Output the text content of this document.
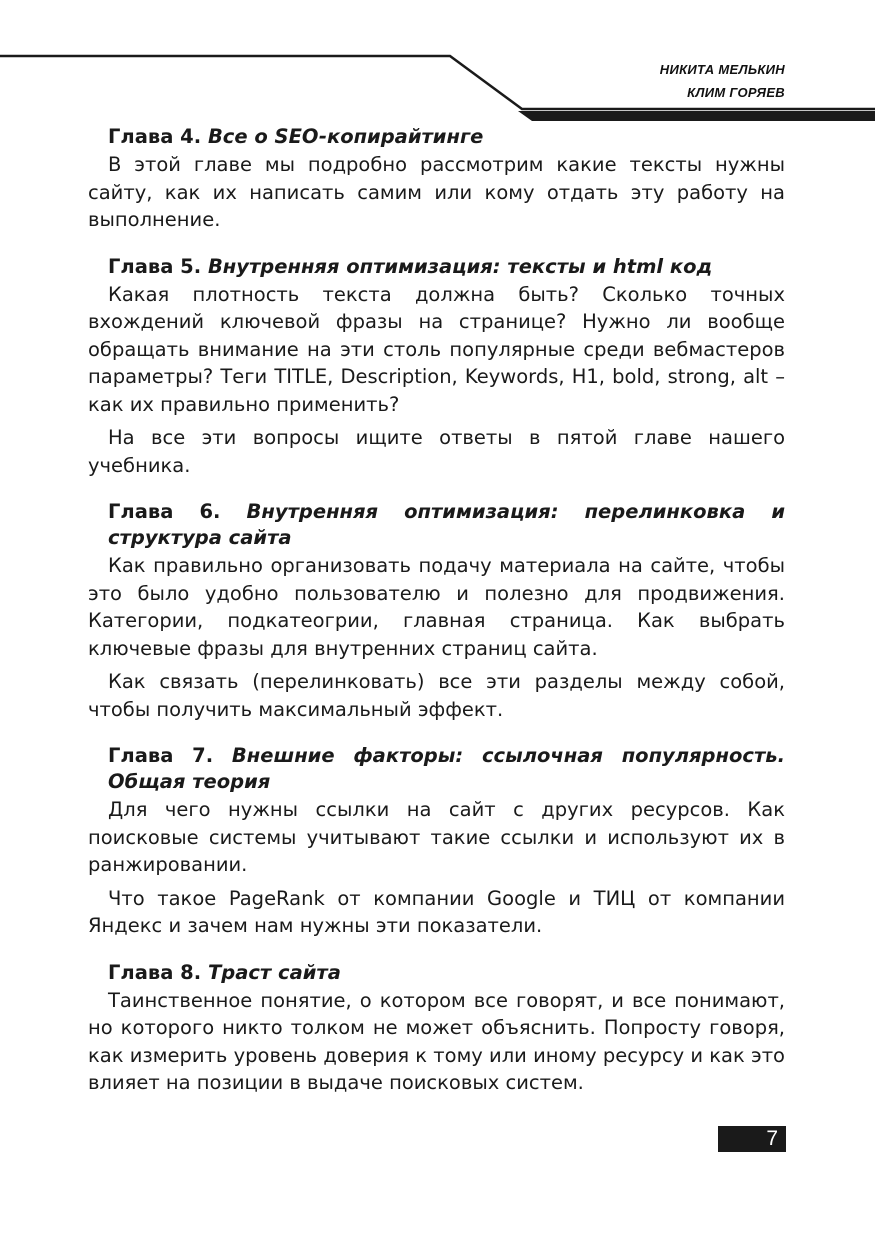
НИКИТА МЕЛЬКИН
КЛИМ ГОРЯЕВ
Глава 4. Все о SEO-копирайтинге

В этой главе мы подробно рассмотрим какие тексты нужны сайту, как их написать самим или кому отдать эту работу на выполнение.

Глава 5. Внутренняя оптимизация: тексты и html код

Какая плотность текста должна быть? Сколько точных вхождений ключевой фразы на странице? Нужно ли вообще обращать внимание на эти столь популярные среди вебмастеров параметры? Теги TITLE, Description, Keywords, H1, bold, strong, alt – как их правильно применить?

На все эти вопросы ищите ответы в пятой главе нашего учебника.

Глава 6. Внутренняя оптимизация: перелинковка и структура сайта

Как правильно организовать подачу материала на сайте, чтобы это было удобно пользователю и полезно для продвижения. Категории, подкатеогрии, главная страница. Как выбрать ключевые фразы для внутренних страниц сайта.

Как связать (перелинковать) все эти разделы между собой, чтобы получить максимальный эффект.

Глава 7. Внешние факторы: ссылочная популярность. Общая теория

Для чего нужны ссылки на сайт с других ресурсов. Как поисковые системы учитывают такие ссылки и используют их в ранжировании.

Что такое PageRank от компании Google и ТИЦ от компании Яндекс и зачем нам нужны эти показатели.

Глава 8. Траст сайта

Таинственное понятие, о котором все говорят, и все понимают, но которого никто толком не может объяснить. Попросту говоря, как измерить уровень доверия к тому или иному ресурсу и как это влияет на позиции в выдаче поисковых систем.

7
